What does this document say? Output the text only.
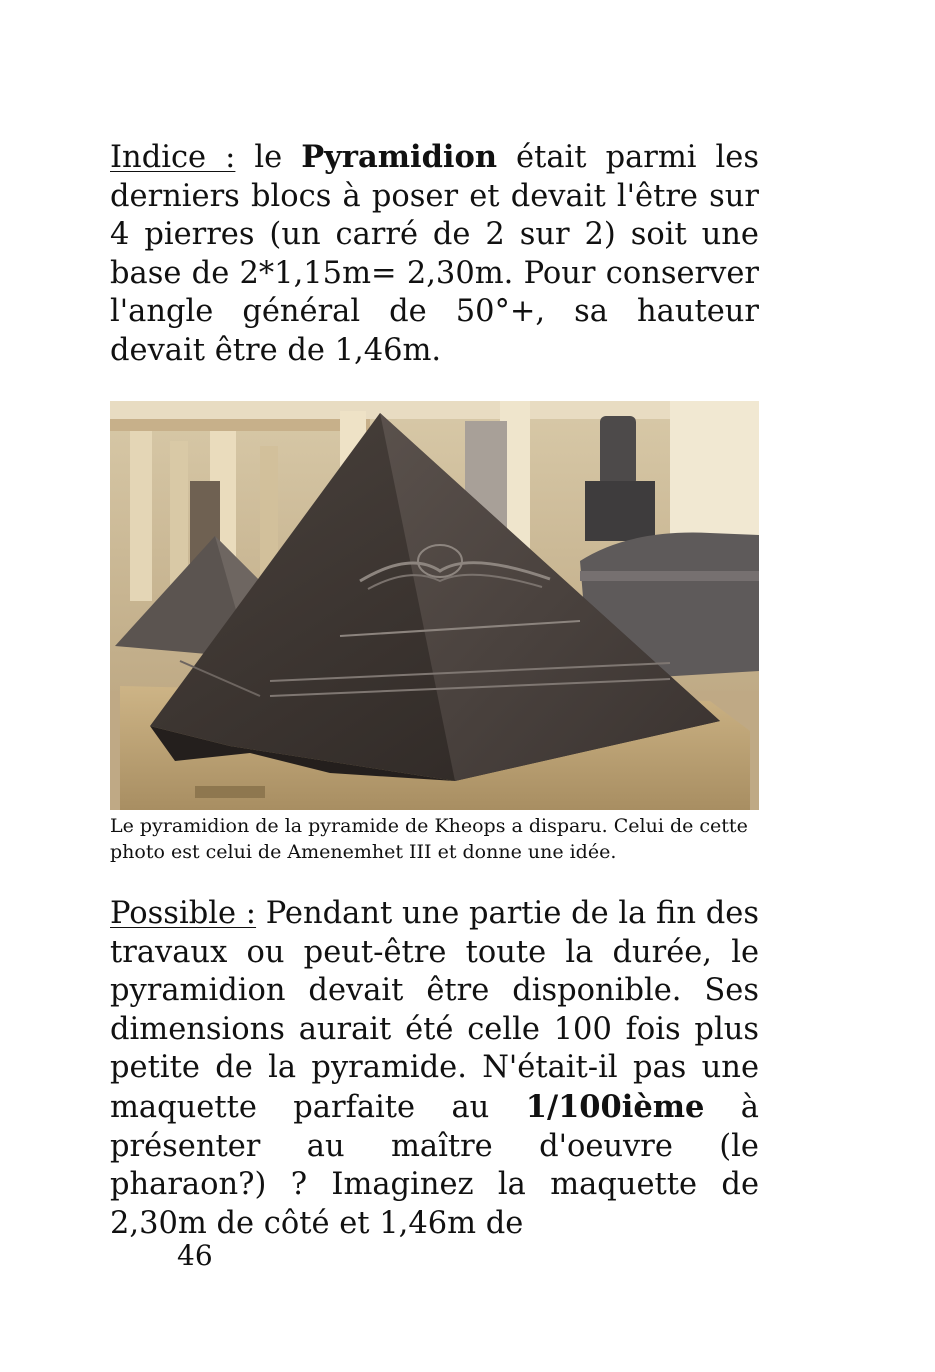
Indice : le Pyramidion était parmi les derniers blocs à poser et devait l'être sur 4 pierres (un carré de 2 sur 2) soit une base de 2*1,15m= 2,30m. Pour conserver l'angle général de 50°+, sa hauteur devait être de 1,46m.

Le pyramidion de la pyramide de Kheops a disparu. Celui de cette photo est celui de Amenemhet III et donne une idée.

Possible : Pendant une partie de la fin des travaux ou peut-être toute la durée, le pyramidion devait être disponible. Ses dimensions aurait été celle 100 fois plus petite de la pyramide. N'était-il pas une maquette parfaite au 1/100ième à présenter au maître d'oeuvre (le pharaon?) ? Imaginez la maquette de 2,30m de côté et 1,46m de

46
